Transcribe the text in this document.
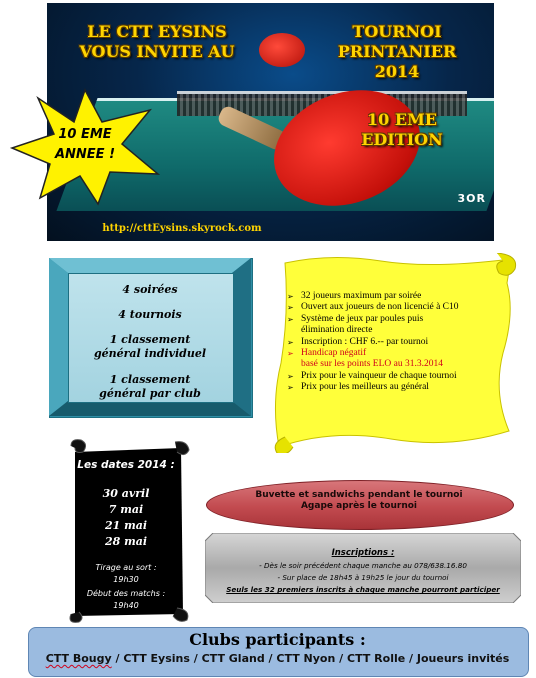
3OR
LE CTT EYSINS
VOUS INVITE AU
TOURNOI
PRINTANIER
2014
10 EME
EDITION
http://cttEysins.skyrock.com
10 EME
ANNEE !
4 soirées
4 tournois
1 classement
général individuel
1 classement
général par club
➢ 32 joueurs maximum par soirée
➢ Ouvert aux joueurs de non licencié à C10
➢ Système de jeux par poules puis
élimination directe
➢ Inscription : CHF 6.-- par tournoi
➢ Handicap négatif
basé sur les points ELO au 31.3.2014
➢ Prix pour le vainqueur de chaque tournoi
➢ Prix pour les meilleurs au général
Les dates 2014 :
30 avril
7 mai
21 mai
28 mai
Tirage au sort :
19h30
Début des matchs :
19h40
Buvette et sandwichs pendant le tournoi
Agape après le tournoi
Inscriptions :
- Dès le soir précédent chaque manche au 078/638.16.80
- Sur place de 18h45 à 19h25 le jour du tournoi
Seuls les 32 premiers inscrits à chaque manche pourront participer
Clubs participants :
CTT Bougy / CTT Eysins / CTT Gland / CTT Nyon / CTT Rolle / Joueurs invités
